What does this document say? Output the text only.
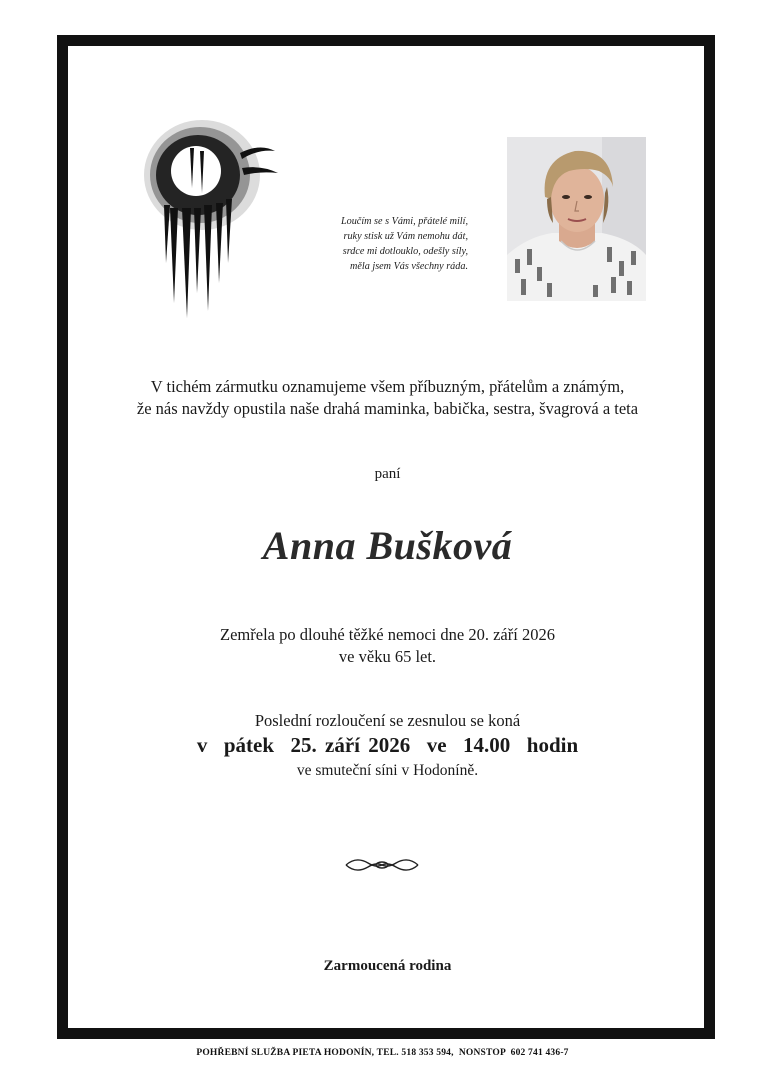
Loučím se s Vámi, přátelé milí,
ruky stisk už Vám nemohu dát,
srdce mi dotlouklo, odešly síly,
měla jsem Vás všechny ráda.
V tichém zármutku oznamujeme všem příbuzným, přátelům a známým,
že nás navždy opustila naše drahá maminka, babička, sestra, švagrová a teta
paní
Anna Bušková
Zemřela po dlouhé těžké nemoci dne 20. září 2026
ve věku 65 let.
Poslední rozloučení se zesnulou se koná
v  pátek  25. září 2026  ve  14.00  hodin
ve smuteční síni v Hodoníně.
Zarmoucená rodina
POHŘEBNÍ SLUŽBA PIETA HODONÍN, TEL. 518 353 594,  NONSTOP  602 741 436-7
